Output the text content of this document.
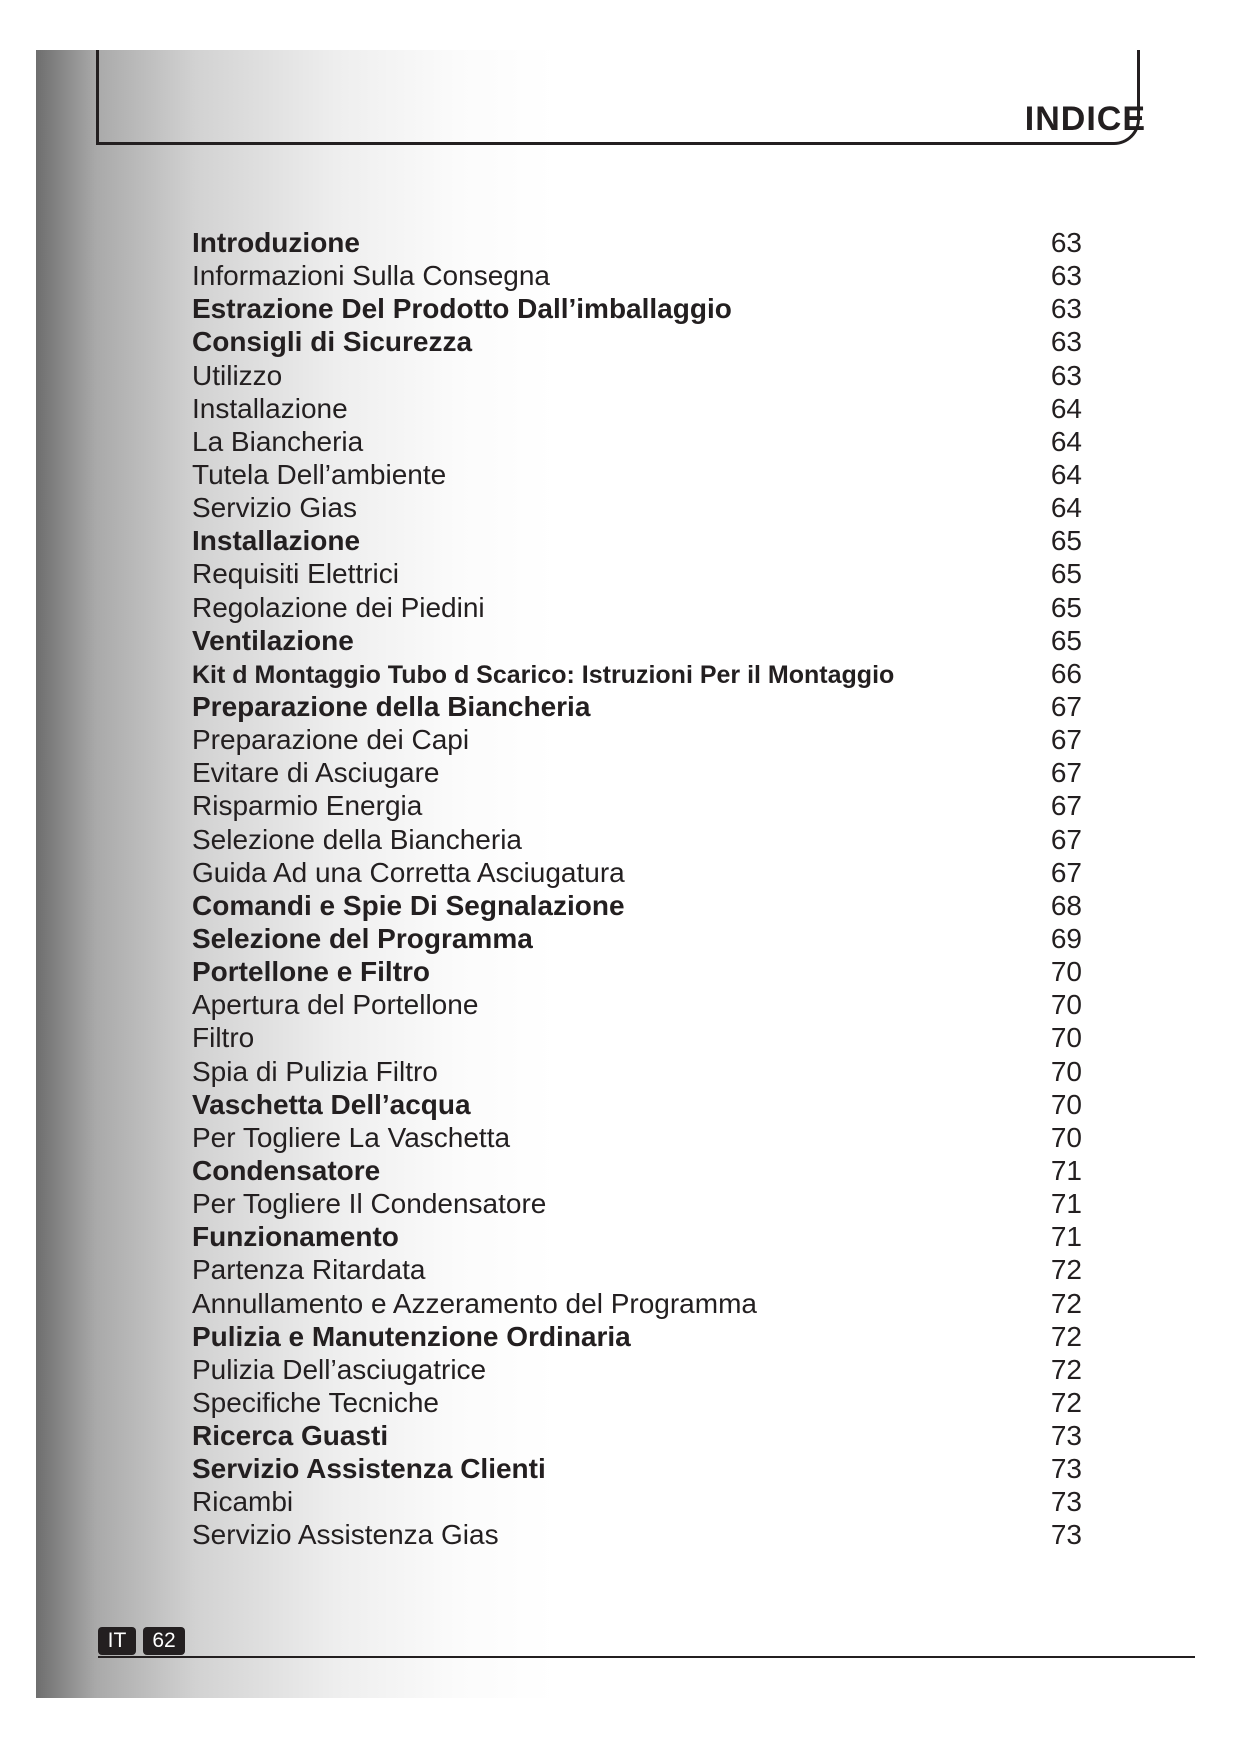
INDICE
Introduzione	63
Informazioni Sulla Consegna	63
Estrazione Del Prodotto Dall’imballaggio	63
Consigli di Sicurezza	63
Utilizzo	63
Installazione	64
La Biancheria	64
Tutela Dell’ambiente	64
Servizio Gias	64
Installazione	65
Requisiti Elettrici	65
Regolazione dei Piedini	65
Ventilazione	65
Kit d Montaggio Tubo d Scarico: Istruzioni Per il Montaggio	66
Preparazione della Biancheria	67
Preparazione dei Capi	67
Evitare di Asciugare	67
Risparmio Energia	67
Selezione della Biancheria	67
Guida Ad una Corretta Asciugatura	67
Comandi e Spie Di Segnalazione	68
Selezione del Programma	69
Portellone e Filtro	70
Apertura del Portellone	70
Filtro	70
Spia di Pulizia Filtro	70
Vaschetta Dell’acqua	70
Per Togliere La Vaschetta	70
Condensatore	71
Per Togliere Il Condensatore	71
Funzionamento	71
Partenza Ritardata	72
Annullamento e Azzeramento del Programma	72
Pulizia e Manutenzione Ordinaria	72
Pulizia Dell’asciugatrice	72
Specifiche Tecniche	72
Ricerca Guasti	73
Servizio Assistenza Clienti	73
Ricambi	73
Servizio Assistenza Gias	73
IT	62
